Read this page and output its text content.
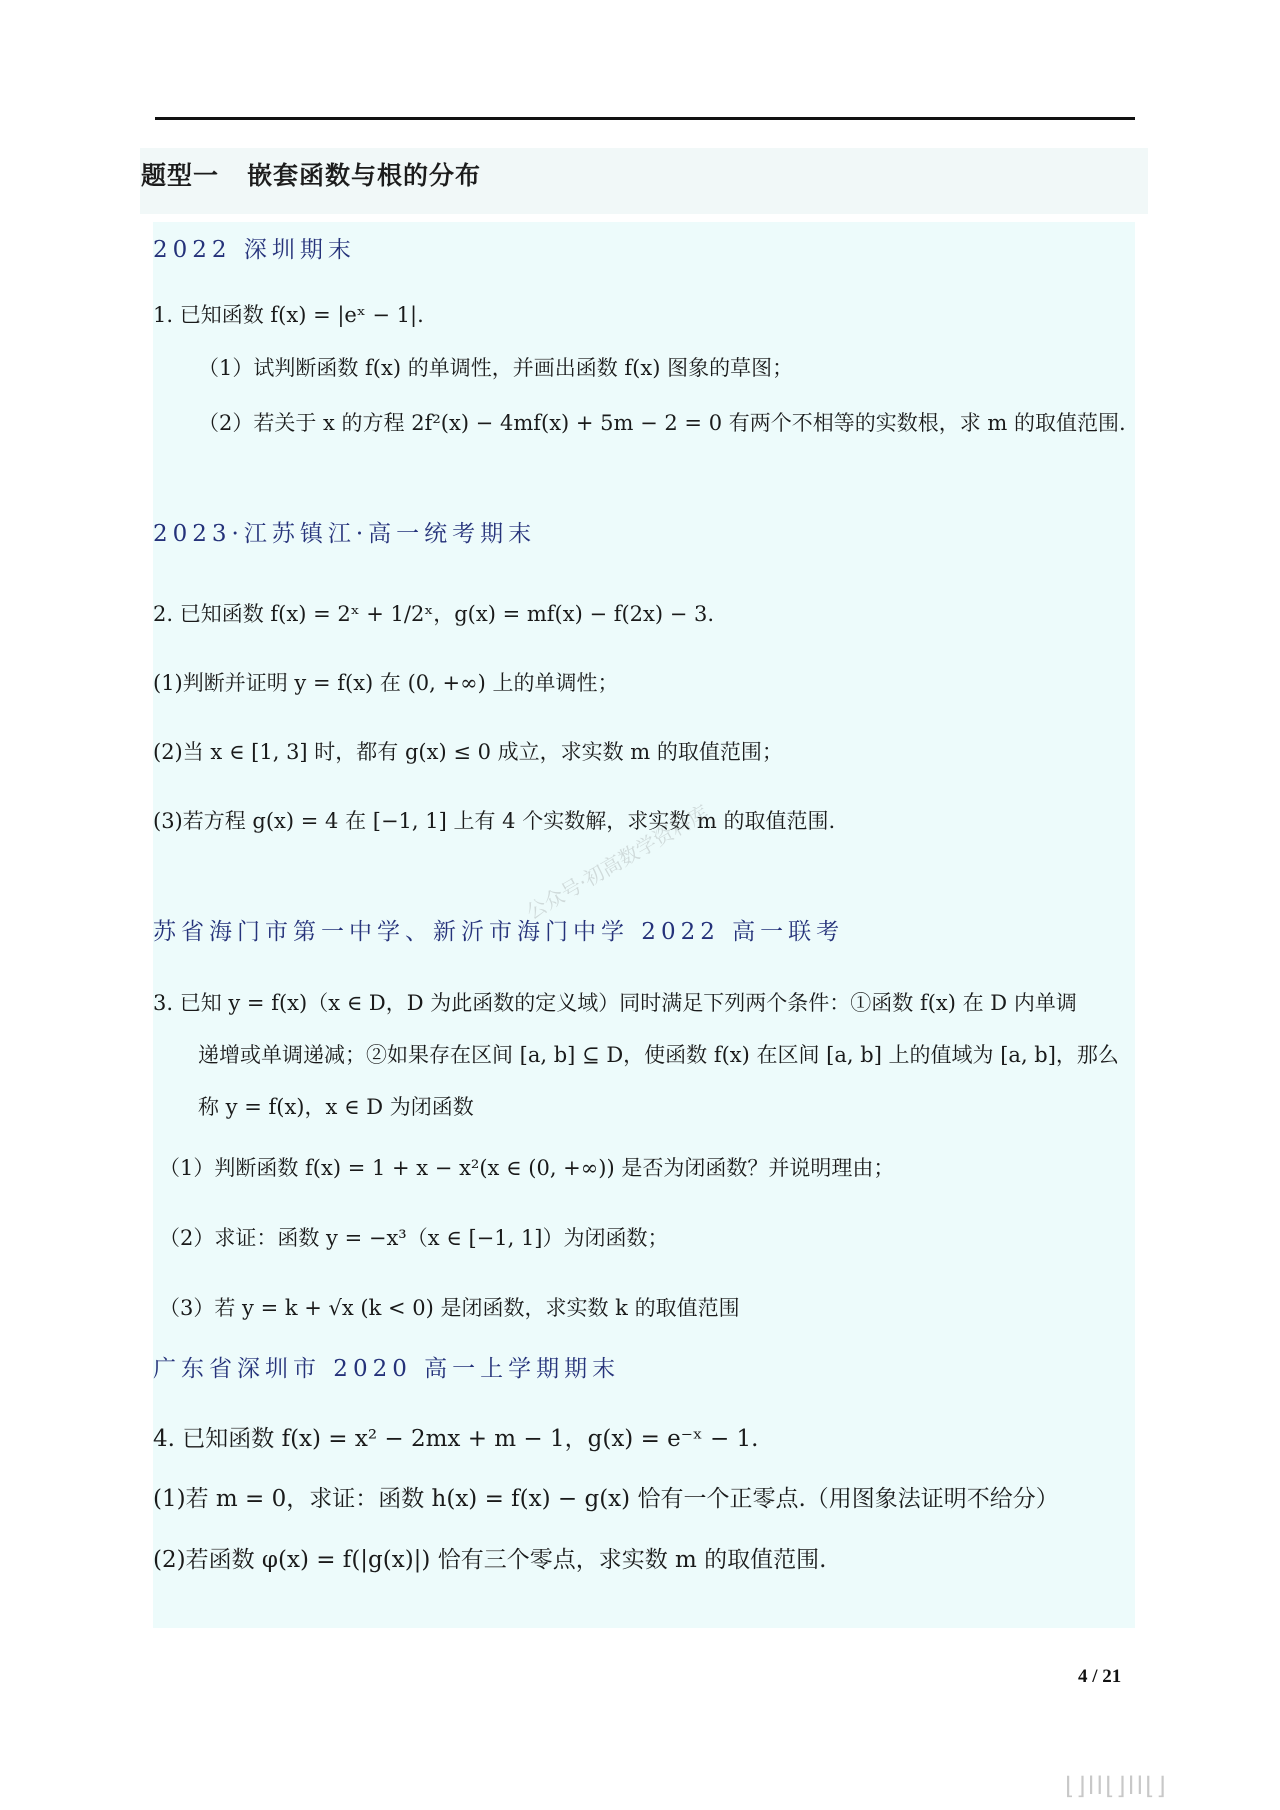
题型一 嵌套函数与根的分布
2022 深圳期末
1. 已知函数 f(x) = |eˣ − 1|.
（1）试判断函数 f(x) 的单调性，并画出函数 f(x) 图象的草图；
（2）若关于 x 的方程 2f²(x) − 4mf(x) + 5m − 2 = 0 有两个不相等的实数根，求 m 的取值范围.
2023·江苏镇江·高一统考期末
2. 已知函数 f(x) = 2ˣ + 1/2ˣ，g(x) = mf(x) − f(2x) − 3.
(1)判断并证明 y = f(x) 在 (0, +∞) 上的单调性；
(2)当 x ∈ [1, 3] 时，都有 g(x) ≤ 0 成立，求实数 m 的取值范围；
(3)若方程 g(x) = 4 在 [−1, 1] 上有 4 个实数解，求实数 m 的取值范围.
苏省海门市第一中学、新沂市海门中学 2022 高一联考
3. 已知 y = f(x)（x ∈ D，D 为此函数的定义域）同时满足下列两个条件：①函数 f(x) 在 D 内单调
递增或单调递减；②如果存在区间 [a, b] ⊆ D，使函数 f(x) 在区间 [a, b] 上的值域为 [a, b]，那么
称 y = f(x)，x ∈ D 为闭函数
（1）判断函数 f(x) = 1 + x − x²(x ∈ (0, +∞)) 是否为闭函数？并说明理由；
（2）求证：函数 y = −x³（x ∈ [−1, 1]）为闭函数；
（3）若 y = k + √x (k < 0) 是闭函数，求实数 k 的取值范围
广东省深圳市 2020 高一上学期期末
4. 已知函数 f(x) = x² − 2mx + m − 1，g(x) = e⁻ˣ − 1.
(1)若 m = 0，求证：函数 h(x) = f(x) − g(x) 恰有一个正零点.（用图象法证明不给分）
(2)若函数 φ(x) = f(|g(x)|) 恰有三个零点，求实数 m 的取值范围.
公众号·初高数学资料库
4 / 21
⌊⌋ll⌊⌋ll⌊⌋
